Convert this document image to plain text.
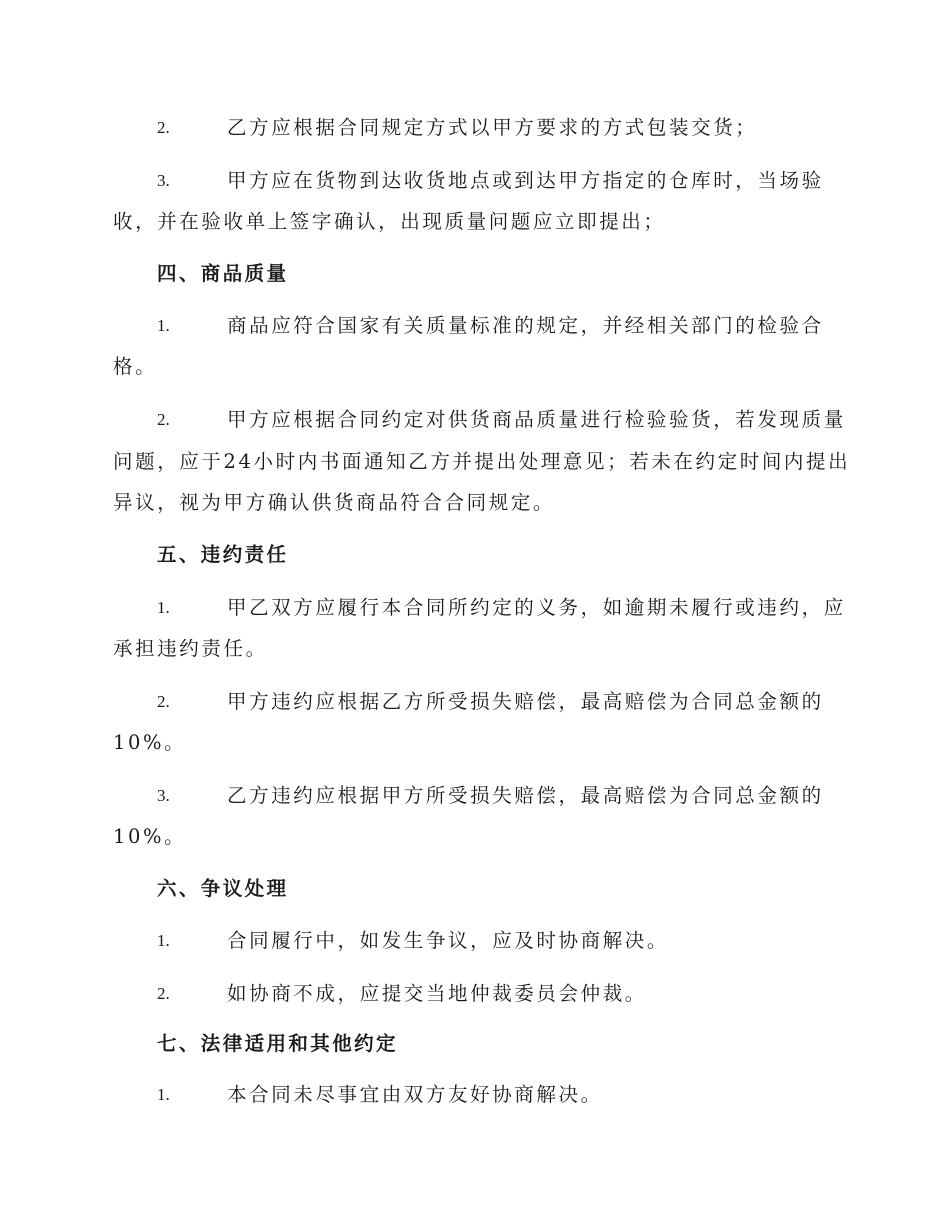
2.	乙方应根据合同规定方式以甲方要求的方式包装交货；
3.	甲方应在货物到达收货地点或到达甲方指定的仓库时，当场验
收，并在验收单上签字确认，出现质量问题应立即提出；
四、商品质量
1.	商品应符合国家有关质量标准的规定，并经相关部门的检验合
格。
2.	甲方应根据合同约定对供货商品质量进行检验验货，若发现质量
问题，应于24小时内书面通知乙方并提出处理意见；若未在约定时间内提出
异议，视为甲方确认供货商品符合合同规定。
五、违约责任
1.	甲乙双方应履行本合同所约定的义务，如逾期未履行或违约，应
承担违约责任。
2.	甲方违约应根据乙方所受损失赔偿，最高赔偿为合同总金额的
10%。
3.	乙方违约应根据甲方所受损失赔偿，最高赔偿为合同总金额的
10%。
六、争议处理
1.	合同履行中，如发生争议，应及时协商解决。
2.	如协商不成，应提交当地仲裁委员会仲裁。
七、法律适用和其他约定
1.	本合同未尽事宜由双方友好协商解决。
